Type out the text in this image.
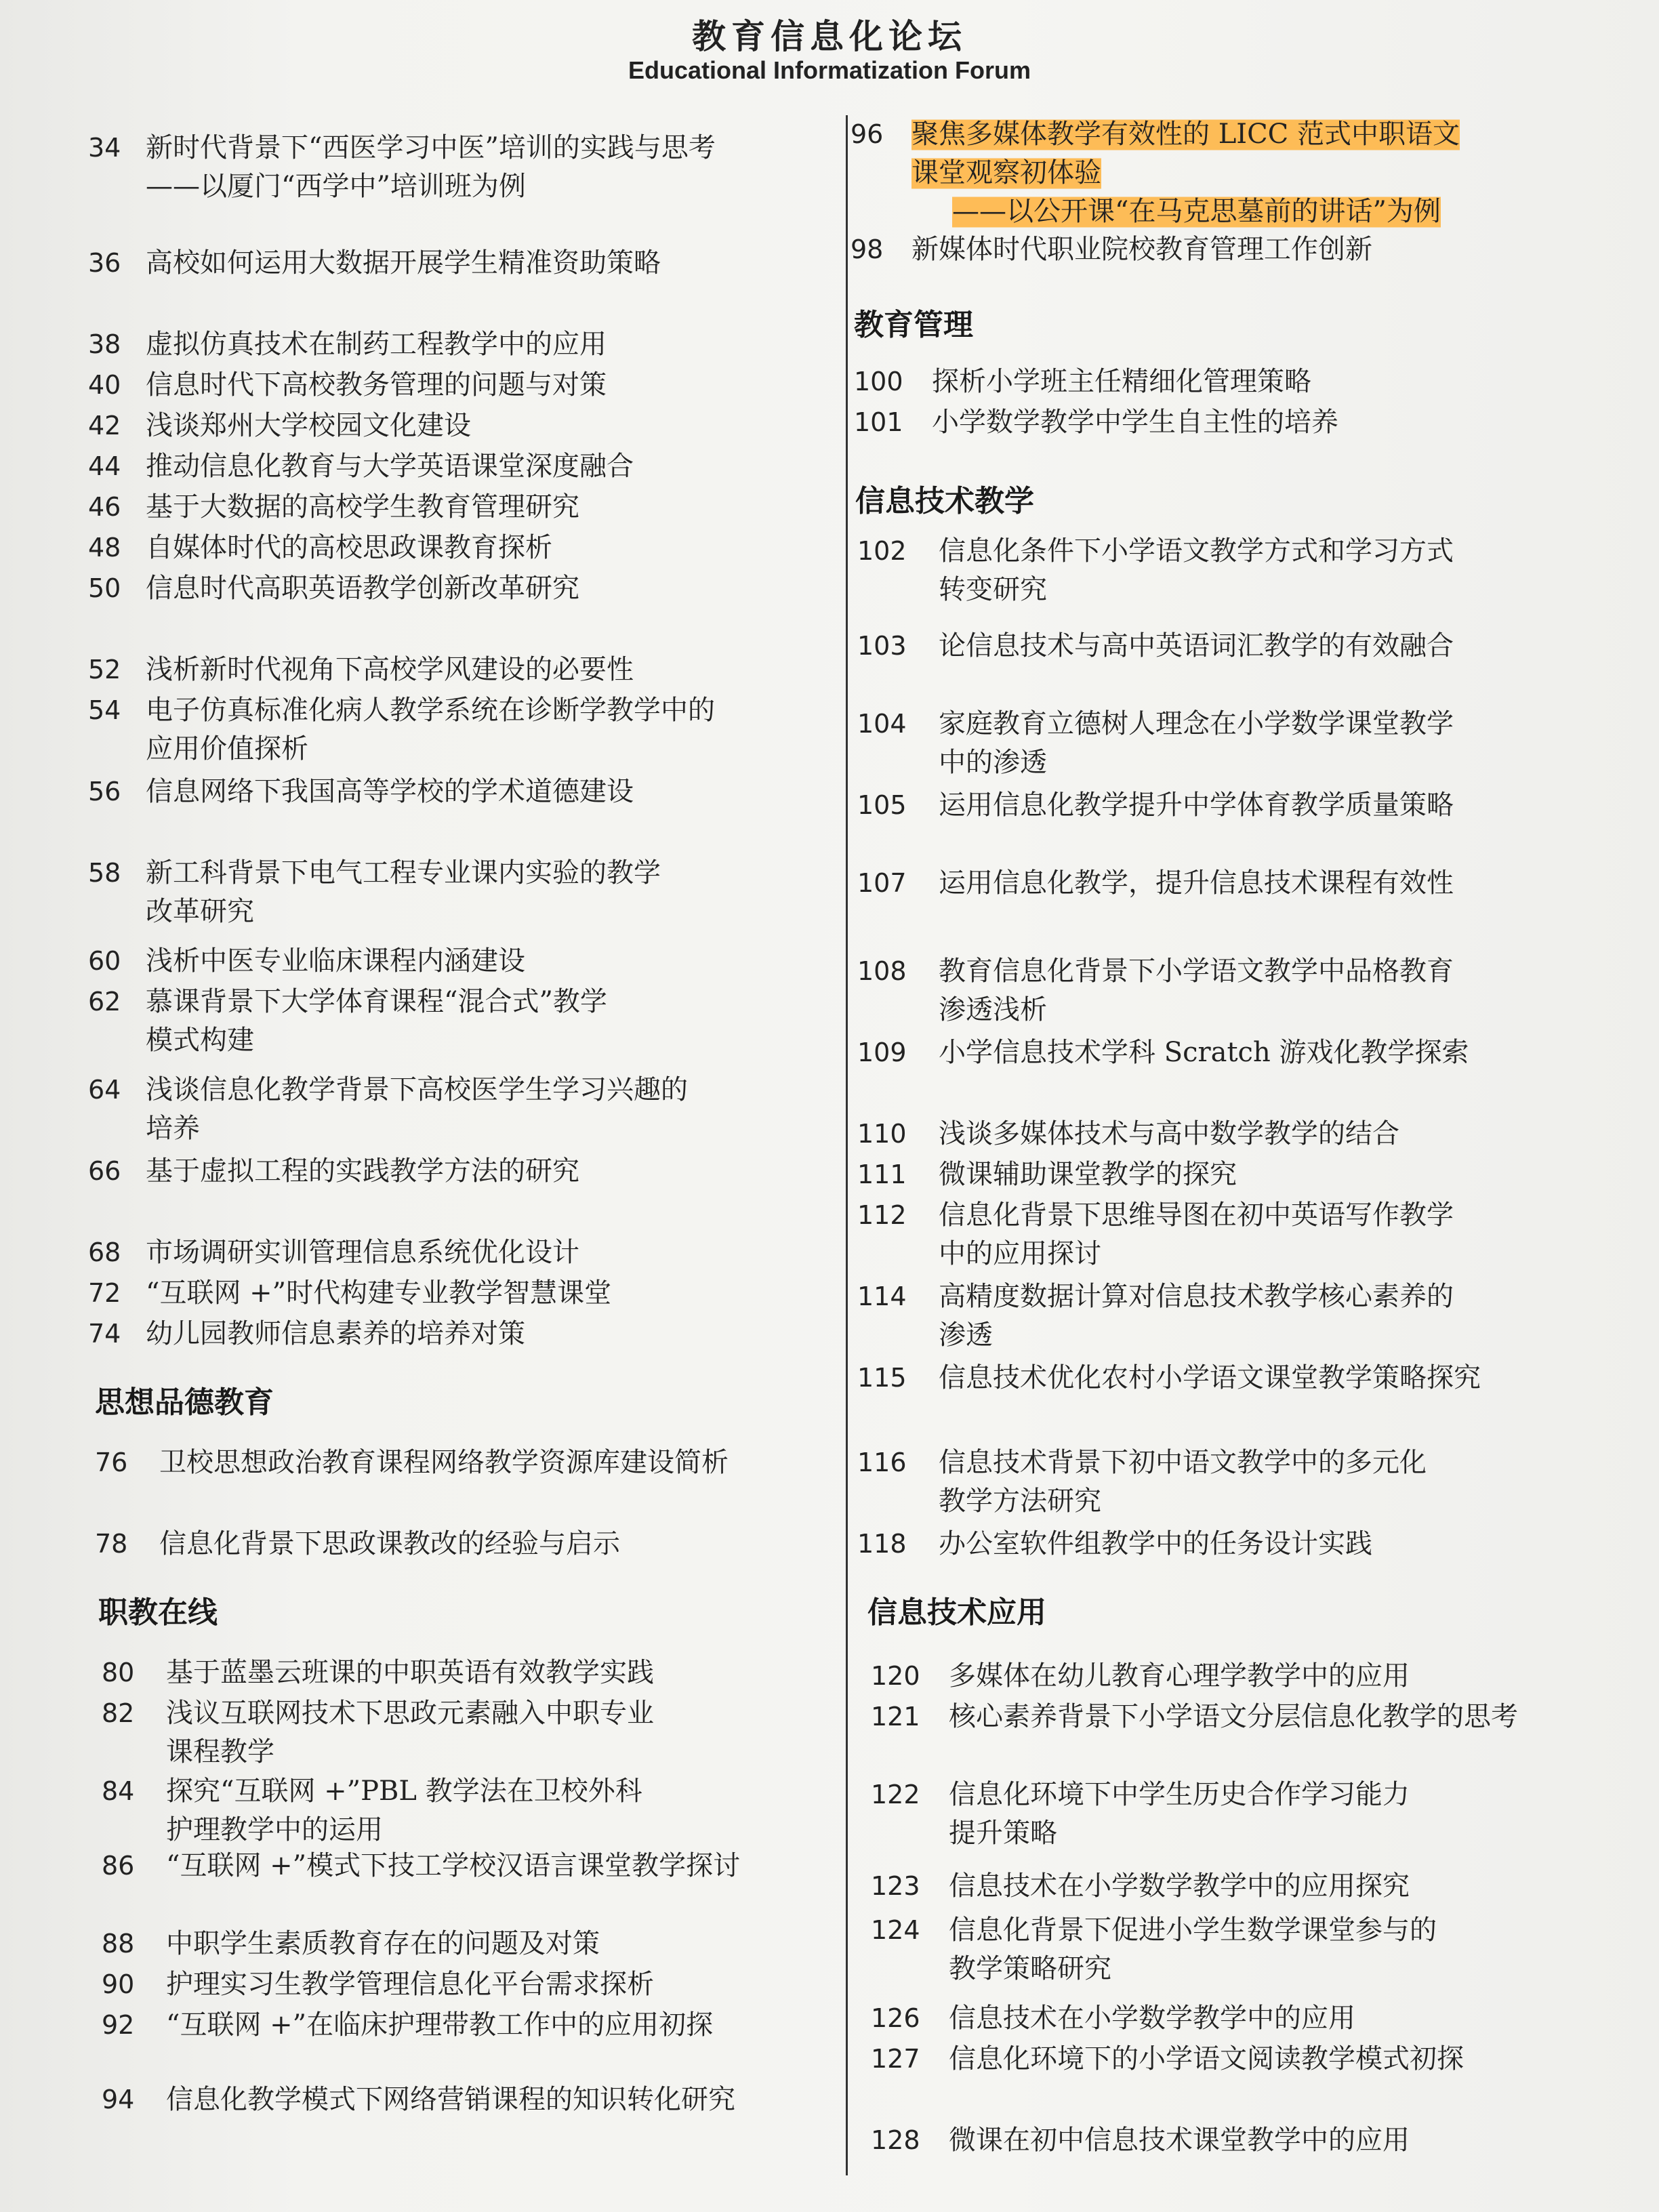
教育信息化论坛
Educational Informatization Forum
34 新时代背景下“西医学习中医”培训的实践与思考
——以厦门“西学中”培训班为例
36 高校如何运用大数据开展学生精准资助策略
38 虚拟仿真技术在制药工程教学中的应用
40 信息时代下高校教务管理的问题与对策
42 浅谈郑州大学校园文化建设
44 推动信息化教育与大学英语课堂深度融合
46 基于大数据的高校学生教育管理研究
48 自媒体时代的高校思政课教育探析
50 信息时代高职英语教学创新改革研究
52 浅析新时代视角下高校学风建设的必要性
54 电子仿真标准化病人教学系统在诊断学教学中的
应用价值探析
56 信息网络下我国高等学校的学术道德建设
58 新工科背景下电气工程专业课内实验的教学
改革研究
60 浅析中医专业临床课程内涵建设
62 慕课背景下大学体育课程“混合式”教学
模式构建
64 浅谈信息化教学背景下高校医学生学习兴趣的
培养
66 基于虚拟工程的实践教学方法的研究
68 市场调研实训管理信息系统优化设计
72 “互联网 +”时代构建专业教学智慧课堂
74 幼儿园教师信息素养的培养对策
思想品德教育
76 卫校思想政治教育课程网络教学资源库建设简析
78 信息化背景下思政课教改的经验与启示
职教在线
80 基于蓝墨云班课的中职英语有效教学实践
82 浅议互联网技术下思政元素融入中职专业
课程教学
84 探究“互联网 +”PBL 教学法在卫校外科
护理教学中的运用
86 “互联网 +”模式下技工学校汉语言课堂教学探讨
88 中职学生素质教育存在的问题及对策
90 护理实习生教学管理信息化平台需求探析
92 “互联网 +”在临床护理带教工作中的应用初探
94 信息化教学模式下网络营销课程的知识转化研究
96 聚焦多媒体教学有效性的 LICC 范式中职语文
课堂观察初体验
——以公开课“在马克思墓前的讲话”为例
98 新媒体时代职业院校教育管理工作创新
教育管理
100 探析小学班主任精细化管理策略
101 小学数学教学中学生自主性的培养
信息技术教学
102 信息化条件下小学语文教学方式和学习方式
转变研究
103 论信息技术与高中英语词汇教学的有效融合
104 家庭教育立德树人理念在小学数学课堂教学
中的渗透
105 运用信息化教学提升中学体育教学质量策略
107 运用信息化教学，提升信息技术课程有效性
108 教育信息化背景下小学语文教学中品格教育
渗透浅析
109 小学信息技术学科 Scratch 游戏化教学探索
110 浅谈多媒体技术与高中数学教学的结合
111 微课辅助课堂教学的探究
112 信息化背景下思维导图在初中英语写作教学
中的应用探讨
114 高精度数据计算对信息技术教学核心素养的
渗透
115 信息技术优化农村小学语文课堂教学策略探究
116 信息技术背景下初中语文教学中的多元化
教学方法研究
118 办公室软件组教学中的任务设计实践
信息技术应用
120 多媒体在幼儿教育心理学教学中的应用
121 核心素养背景下小学语文分层信息化教学的思考
122 信息化环境下中学生历史合作学习能力
提升策略
123 信息技术在小学数学教学中的应用探究
124 信息化背景下促进小学生数学课堂参与的
教学策略研究
126 信息技术在小学数学教学中的应用
127 信息化环境下的小学语文阅读教学模式初探
128 微课在初中信息技术课堂教学中的应用
